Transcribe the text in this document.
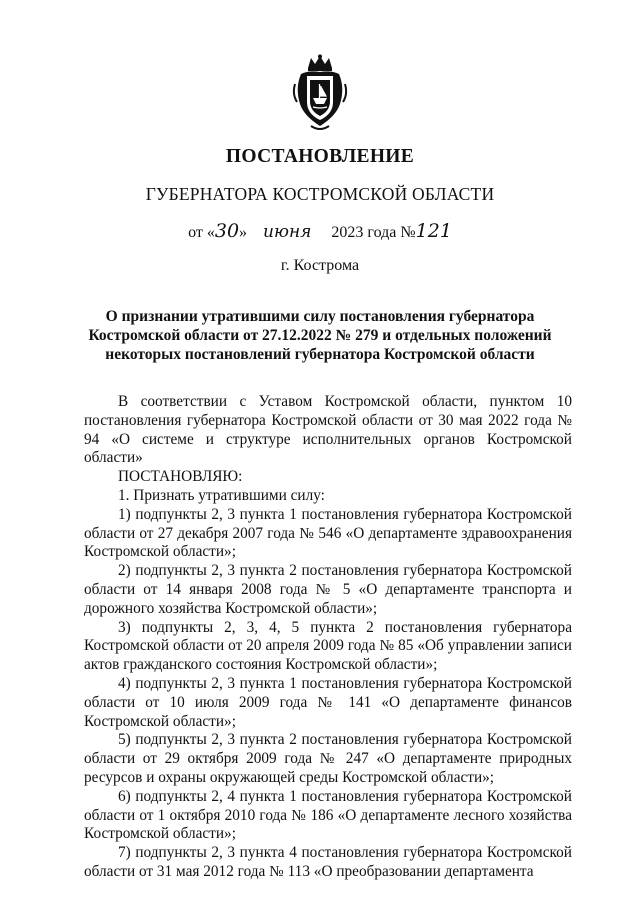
ПОСТАНОВЛЕНИЕ
ГУБЕРНАТОРА КОСТРОМСКОЙ ОБЛАСТИ
от «30» июня 2023 года №121
г. Кострома
О признании утратившими силу постановления губернатора Костромской области от 27.12.2022 № 279 и отдельных положений некоторых постановлений губернатора Костромской области

В соответствии с Уставом Костромской области, пунктом 10 постановления губернатора Костромской области от 30 мая 2022 года № 94 «О системе и структуре исполнительных органов Костромской области»

ПОСТАНОВЛЯЮ:

1. Признать утратившими силу:

1) подпункты 2, 3 пункта 1 постановления губернатора Костромской области от 27 декабря 2007 года № 546 «О департаменте здравоохранения Костромской области»;

2) подпункты 2, 3 пункта 2 постановления губернатора Костромской области от 14 января 2008 года № 5 «О департаменте транспорта и дорожного хозяйства Костромской области»;

3) подпункты 2, 3, 4, 5 пункта 2 постановления губернатора Костромской области от 20 апреля 2009 года № 85 «Об управлении записи актов гражданского состояния Костромской области»;

4) подпункты 2, 3 пункта 1 постановления губернатора Костромской области от 10 июля 2009 года № 141 «О департаменте финансов Костромской области»;

5) подпункты 2, 3 пункта 2 постановления губернатора Костромской области от 29 октября 2009 года № 247 «О департаменте природных ресурсов и охраны окружающей среды Костромской области»;

6) подпункты 2, 4 пункта 1 постановления губернатора Костромской области от 1 октября 2010 года № 186 «О департаменте лесного хозяйства Костромской области»;

7) подпункты 2, 3 пункта 4 постановления губернатора Костромской области от 31 мая 2012 года № 113 «О преобразовании департамента
